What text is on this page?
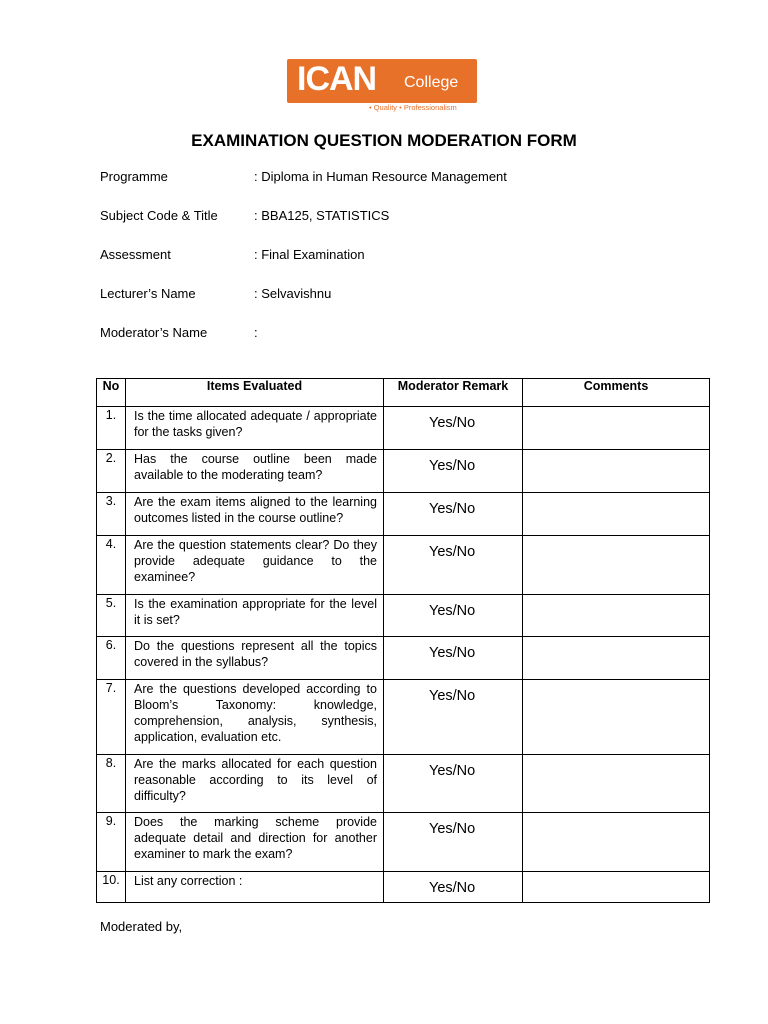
ICAN College
• Quality • Professionalism
EXAMINATION QUESTION MODERATION FORM
Programme	: Diploma in Human Resource Management
Subject Code & Title	: BBA125, STATISTICS
Assessment	: Final Examination
Lecturer’s Name	: Selvavishnu
Moderator’s Name	:
No	Items Evaluated	Moderator Remark	Comments
1.	Is the time allocated adequate / appropriate for the tasks given?	Yes/No	
2.	Has the course outline been made available to the moderating team?	Yes/No	
3.	Are the exam items aligned to the learning outcomes listed in the course outline?	Yes/No	
4.	Are the question statements clear? Do they provide adequate guidance to the examinee?	Yes/No	
5.	Is the examination appropriate for the level it is set?	Yes/No	
6.	Do the questions represent all the topics covered in the syllabus?	Yes/No	
7.	Are the questions developed according to Bloom’s Taxonomy: knowledge, comprehension, analysis, synthesis, application, evaluation etc.	Yes/No	
8.	Are the marks allocated for each question reasonable according to its level of difficulty?	Yes/No	
9.	Does the marking scheme provide adequate detail and direction for another examiner to mark the exam?	Yes/No	
10.	List any correction :	Yes/No	
Moderated by,
